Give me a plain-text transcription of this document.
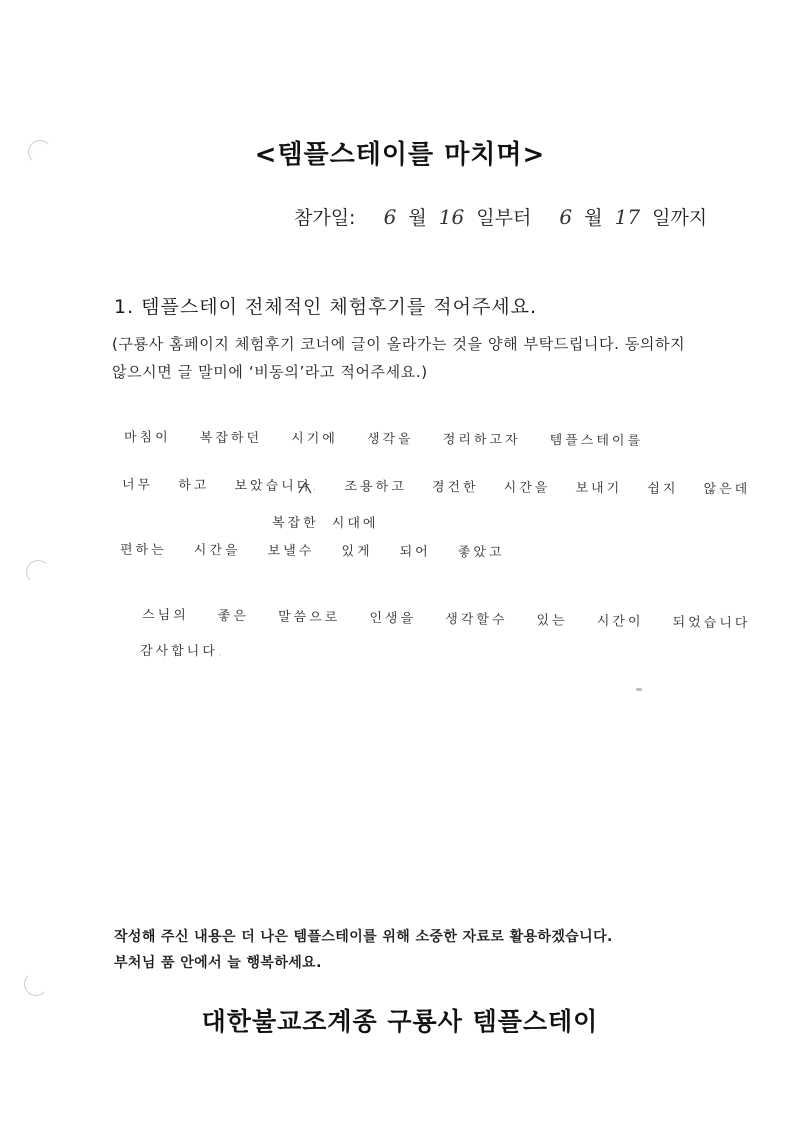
<템플스테이를 마치며>
참가일: 6 월 16 일부터 6 월 17 일까지
1. 템플스테이 전체적인 체험후기를 적어주세요.
(구룡사 홈페이지 체험후기 코너에 글이 올라가는 것을 양해 부탁드립니다. 동의하지 않으시면 글 말미에 ‘비동의’라고 적어주세요.)
마침이 복잡하던 시기에 생각을 정리하고자 템플스테이를
너무 하고 보았습니다. 조용하고 경건한 시간을 보내기 쉽지 않은데
복잡한 시대에
편하는 시간을 보낼수 있게 되어 좋았고
스님의 좋은 말씀으로 인생을 생각할수 있는 시간이 되었습니다
감사합니다.
작성해 주신 내용은 더 나은 템플스테이를 위해 소중한 자료로 활용하겠습니다.
부처님 품 안에서 늘 행복하세요.
대한불교조계종 구룡사 템플스테이
